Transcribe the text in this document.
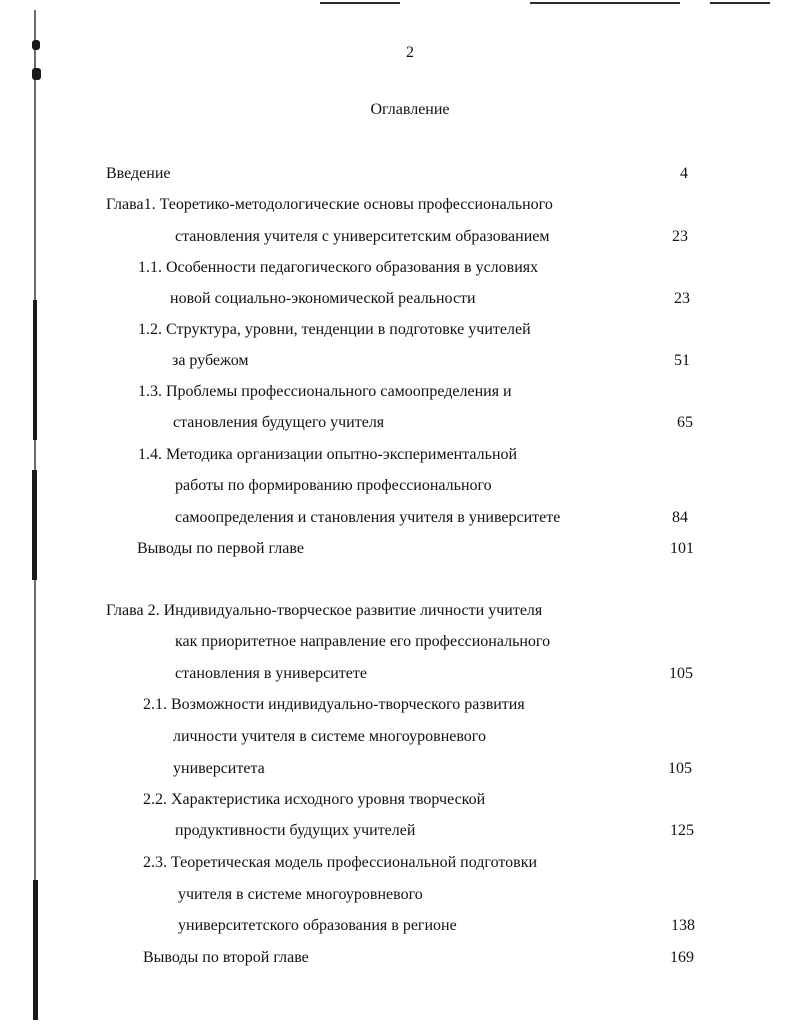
2
Оглавление
Введение	4
Глава1. Теоретико-методологические основы профессионального
становления учителя с университетским образованием	23
1.1. Особенности педагогического образования в условиях
новой социально-экономической реальности	23
1.2. Структура, уровни, тенденции в подготовке учителей
за рубежом	51
1.3. Проблемы профессионального самоопределения и
становления будущего учителя	65
1.4. Методика организации опытно-экспериментальной
работы по формированию профессионального
самоопределения и становления учителя в университете	84
Выводы по первой главе	101
Глава 2. Индивидуально-творческое развитие личности учителя
как приоритетное направление его профессионального
становления в университете	105
2.1. Возможности индивидуально-творческого развития
личности учителя в системе многоуровневого
университета	105
2.2. Характеристика исходного уровня творческой
продуктивности будущих учителей	125
2.3. Теоретическая модель профессиональной подготовки
учителя в системе многоуровневого
университетского образования в регионе	138
Выводы по второй главе	169
